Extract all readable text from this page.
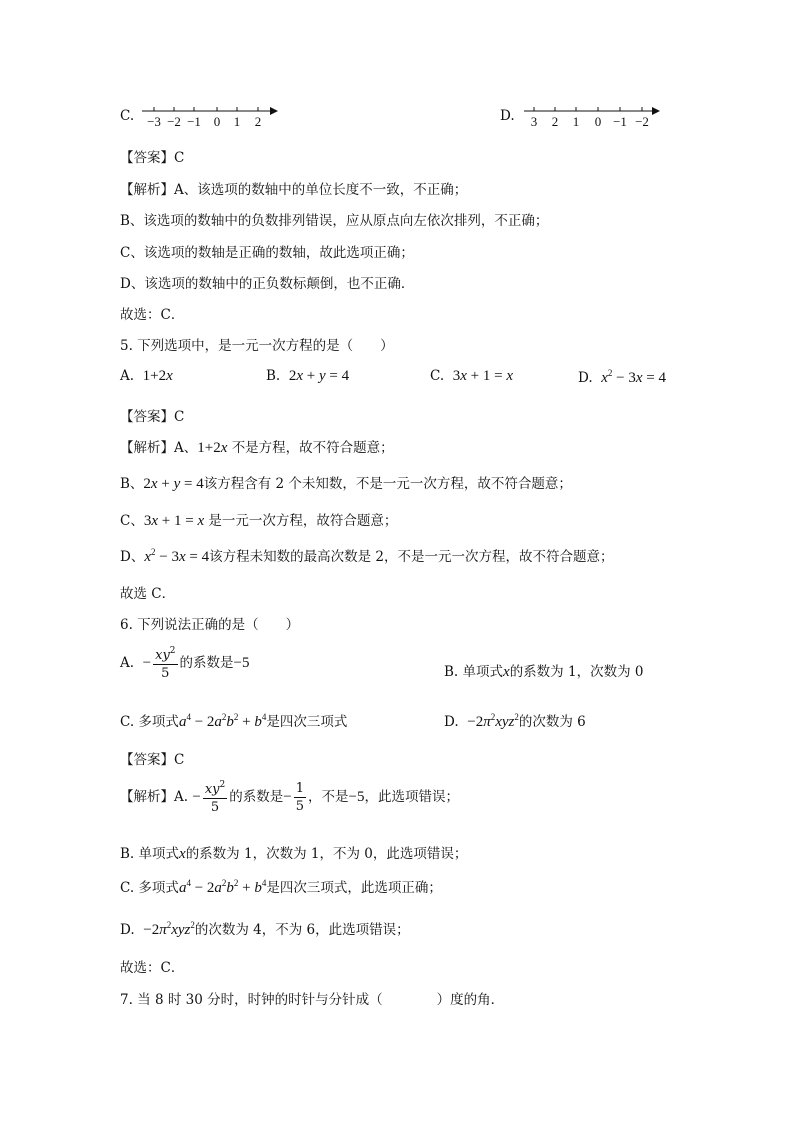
C. −3 −2 −1 0 1 2	D. 3 2 1 0 −1 −2
【答案】C
【解析】A、该选项的数轴中的单位长度不一致，不正确；
B、该选项的数轴中的负数排列错误，应从原点向左依次排列，不正确；
C、该选项的数轴是正确的数轴，故此选项正确；
D、该选项的数轴中的正负数标颠倒，也不正确．
故选：C．
5. 下列选项中，是一元一次方程的是（　　）
A. 1+2x	B. 2x + y = 4	C. 3x + 1 = x	D. $x^2 - 3x = 4$
【答案】C
【解析】A、1+2x 不是方程，故不符合题意；
B、2x + y = 4该方程含有 2 个未知数，不是一元一次方程，故不符合题意；
C、3x + 1 = x 是一元一次方程，故符合题意；
D、$x^2 - 3x = 4$该方程未知数的最高次数是 2，不是一元一次方程，故不符合题意；
故选 C．
6. 下列说法正确的是（　　）
A. − $\frac{xy^2}{5}$ 的系数是−5
B. 单项式x的系数为 1，次数为 0
C. 多项式$a^4 - 2a^2b^2 + b^4$是四次三项式	D. $-2\pi^2xyz^2$的次数为 6
【答案】C
【解析】A. − $\frac{xy^2}{5}$ 的系数是− $\frac{1}{5}$ ，不是−5，此选项错误；
B. 单项式x的系数为 1，次数为 1，不为 0，此选项错误；
C. 多项式$a^4 - 2a^2b^2 + b^4$是四次三项式，此选项正确；
D. $-2\pi^2xyz^2$的次数为 4，不为 6，此选项错误；
故选：C．
7. 当 8 时 30 分时，时钟的时针与分针成（　　　　）度的角．
